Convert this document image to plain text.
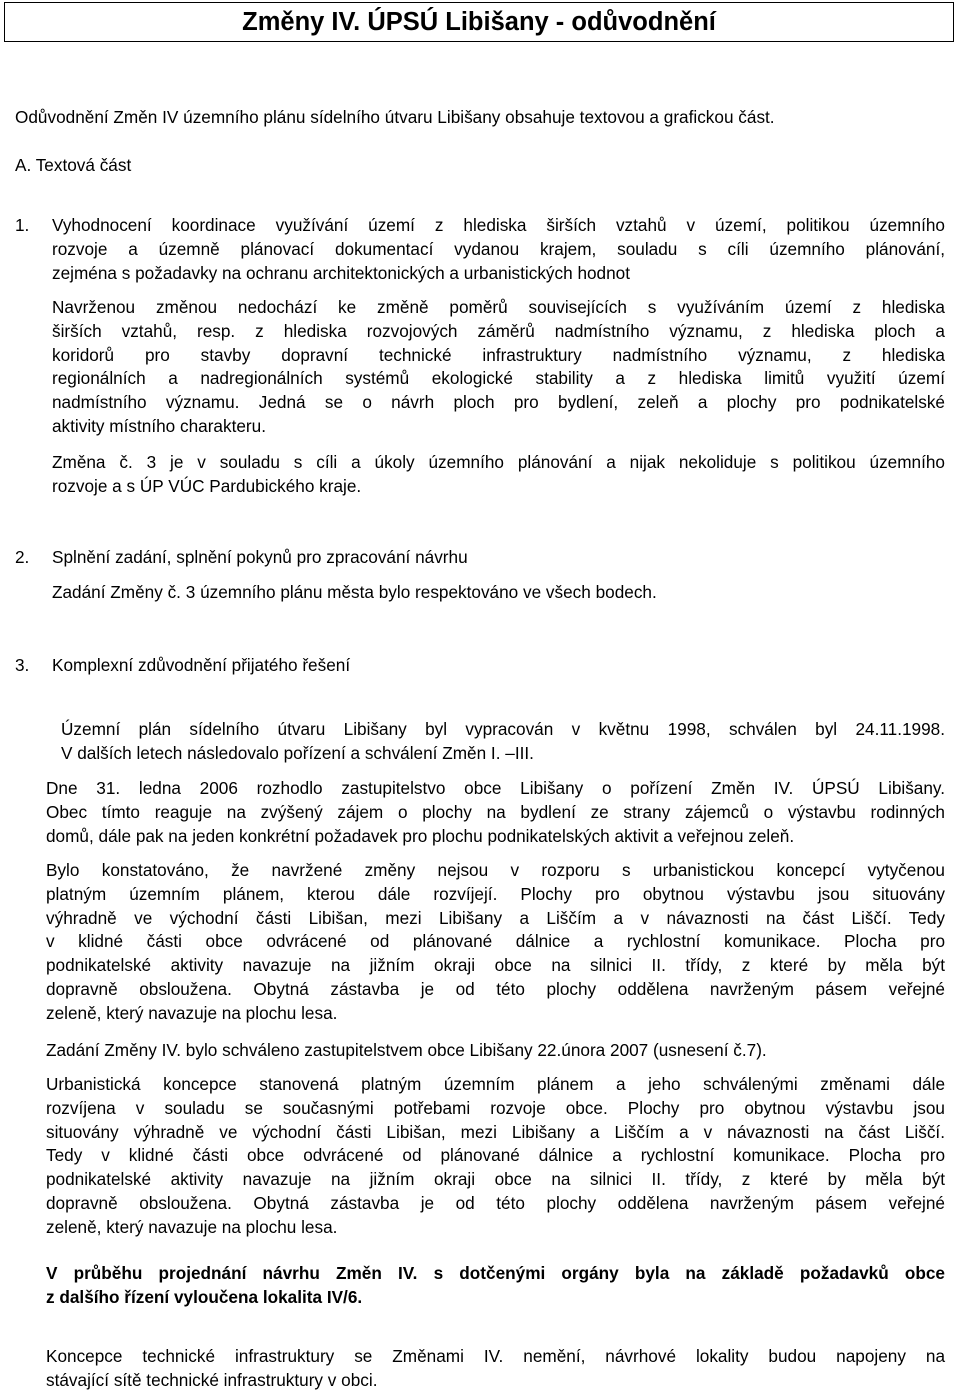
Změny IV. ÚPSÚ Libišany - odůvodnění

Odůvodnění Změn IV územního plánu sídelního útvaru Libišany obsahuje textovou a grafickou část.

A. Textová část

1. Vyhodnocení koordinace využívání území z hlediska širších vztahů v území, politikou územního
rozvoje a územně plánovací dokumentací vydanou krajem, souladu s cíli územního plánování,
zejména s požadavky na ochranu architektonických a urbanistických hodnot
Navrženou změnou nedochází ke změně poměrů souvisejících s využíváním území z hlediska
širších vztahů, resp. z hlediska rozvojových záměrů nadmístního významu, z hlediska ploch a
koridorů pro stavby dopravní technické infrastruktury nadmístního významu, z hlediska
regionálních a nadregionálních systémů ekologické stability a z hlediska limitů využití území
nadmístního významu. Jedná se o návrh ploch pro bydlení, zeleň a plochy pro podnikatelské
aktivity místního charakteru.
Změna č. 3 je v souladu s cíli a úkoly územního plánování a nijak nekoliduje s politikou územního
rozvoje a s ÚP VÚC Pardubického kraje.
2. Splnění zadání, splnění pokynů pro zpracování návrhu

Zadání Změny č. 3 územního plánu města bylo respektováno ve všech bodech.

3. Komplexní zdůvodnění přijatého řešení

Územní plán sídelního útvaru Libišany byl vypracován v květnu 1998, schválen byl 24.11.1998.
V dalších letech následovalo pořízení a schválení Změn I. –III.
Dne 31. ledna 2006 rozhodlo zastupitelstvo obce Libišany o pořízení Změn IV. ÚPSÚ Libišany.
Obec tímto reaguje na zvýšený zájem o plochy na bydlení ze strany zájemců o výstavbu rodinných
domů, dále pak na jeden konkrétní požadavek pro plochu podnikatelských aktivit a veřejnou zeleň.
Bylo konstatováno, že navržené změny nejsou v rozporu s urbanistickou koncepcí vytyčenou
platným územním plánem, kterou dále rozvíjejí. Plochy pro obytnou výstavbu jsou situovány
výhradně ve východní části Libišan, mezi Libišany a Liščím a v návaznosti na část Liščí. Tedy
v klidné části obce odvrácené od plánované dálnice a rychlostní komunikace. Plocha pro
podnikatelské aktivity navazuje na jižním okraji obce na silnici II. třídy, z které by měla být
dopravně obsloužena. Obytná zástavba je od této plochy oddělena navrženým pásem veřejné
zeleně, který navazuje na plochu lesa.

Zadání Změny IV. bylo schváleno zastupitelstvem obce Libišany 22.února 2007 (usnesení č.7).

Urbanistická koncepce stanovená platným územním plánem a jeho schválenými změnami dále
rozvíjena v souladu se současnými potřebami rozvoje obce. Plochy pro obytnou výstavbu jsou
situovány výhradně ve východní části Libišan, mezi Libišany a Liščím a v návaznosti na část Liščí.
Tedy v klidné části obce odvrácené od plánované dálnice a rychlostní komunikace. Plocha pro
podnikatelské aktivity navazuje na jižním okraji obce na silnici II. třídy, z které by měla být
dopravně obsloužena. Obytná zástavba je od této plochy oddělena navrženým pásem veřejné
zeleně, který navazuje na plochu lesa.
V průběhu projednání návrhu Změn IV. s dotčenými orgány byla na základě požadavků obce
z dalšího řízení vyloučena lokalita IV/6.
Koncepce technické infrastruktury se Změnami IV. nemění, návrhové lokality budou napojeny na
stávající sítě technické infrastruktury v obci.
